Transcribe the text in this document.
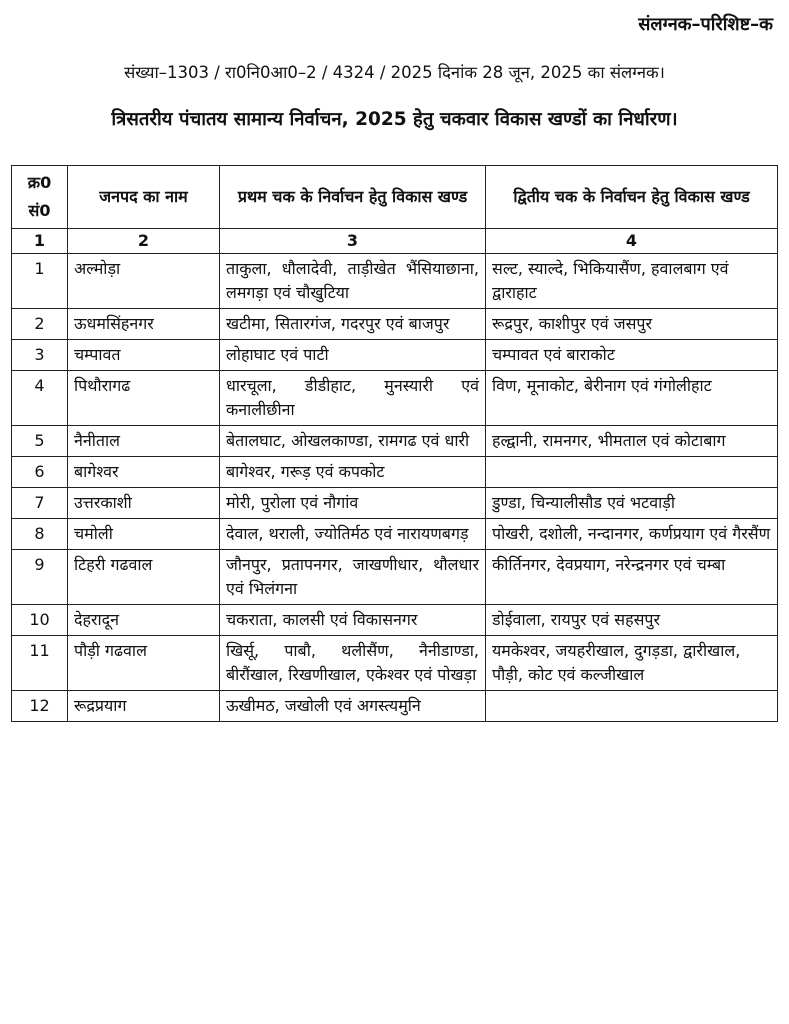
संलग्नक–परिशिष्ट–क
संख्या–1303 / रा0नि0आ0–2 / 4324 / 2025 दिनांक 28 जून, 2025 का संलग्नक।
त्रिसतरीय पंचातय सामान्य निर्वाचन, 2025 हेतु चकवार विकास खण्डों का निर्धारण।
क्र0 सं0	जनपद का नाम	प्रथम चक के निर्वाचन हेतु विकास खण्ड	द्वितीय चक के निर्वाचन हेतु विकास खण्ड
1	2	3	4
1	अल्मोड़ा	ताकुला, धौलादेवी, ताड़ीखेत भैंसियाछाना, लमगड़ा एवं चौखुटिया	सल्ट, स्याल्दे, भिकियासैंण, हवालबाग एवं द्वाराहाट
2	ऊधमसिंहनगर	खटीमा, सितारगंज, गदरपुर एवं बाजपुर	रूद्रपुर, काशीपुर एवं जसपुर
3	चम्पावत	लोहाघाट एवं पाटी	चम्पावत एवं बाराकोट
4	पिथौरागढ	धारचूला, डीडीहाट, मुनस्यारी एवं कनालीछीना	विण, मूनाकोट, बेरीनाग एवं गंगोलीहाट
5	नैनीताल	बेतालघाट, ओखलकाण्डा, रामगढ एवं धारी	हल्द्वानी, रामनगर, भीमताल एवं कोटाबाग
6	बागेश्वर	बागेश्वर, गरूड़ एवं कपकोट	
7	उत्तरकाशी	मोरी, पुरोला एवं नौगांव	डुण्डा, चिन्यालीसौड एवं भटवाड़ी
8	चमोली	देवाल, थराली, ज्योतिर्मठ एवं नारायणबगड़	पोखरी, दशोली, नन्दानगर, कर्णप्रयाग एवं गैरसैंण
9	टिहरी गढवाल	जौनपुर, प्रतापनगर, जाखणीधार, थौलधार एवं भिलंगना	कीर्तिनगर, देवप्रयाग, नरेन्द्रनगर एवं चम्बा
10	देहरादून	चकराता, कालसी एवं विकासनगर	डोईवाला, रायपुर एवं सहसपुर
11	पौड़ी गढवाल	खिर्सू, पाबौ, थलीसैंण, नैनीडाण्डा, बीरौंखाल, रिखणीखाल, एकेश्वर एवं पोखड़ा	यमकेश्वर, जयहरीखाल, दुगड़डा, द्वारीखाल, पौड़ी, कोट एवं कल्जीखाल
12	रूद्रप्रयाग	ऊखीमठ, जखोली एवं अगस्त्यमुनि	
